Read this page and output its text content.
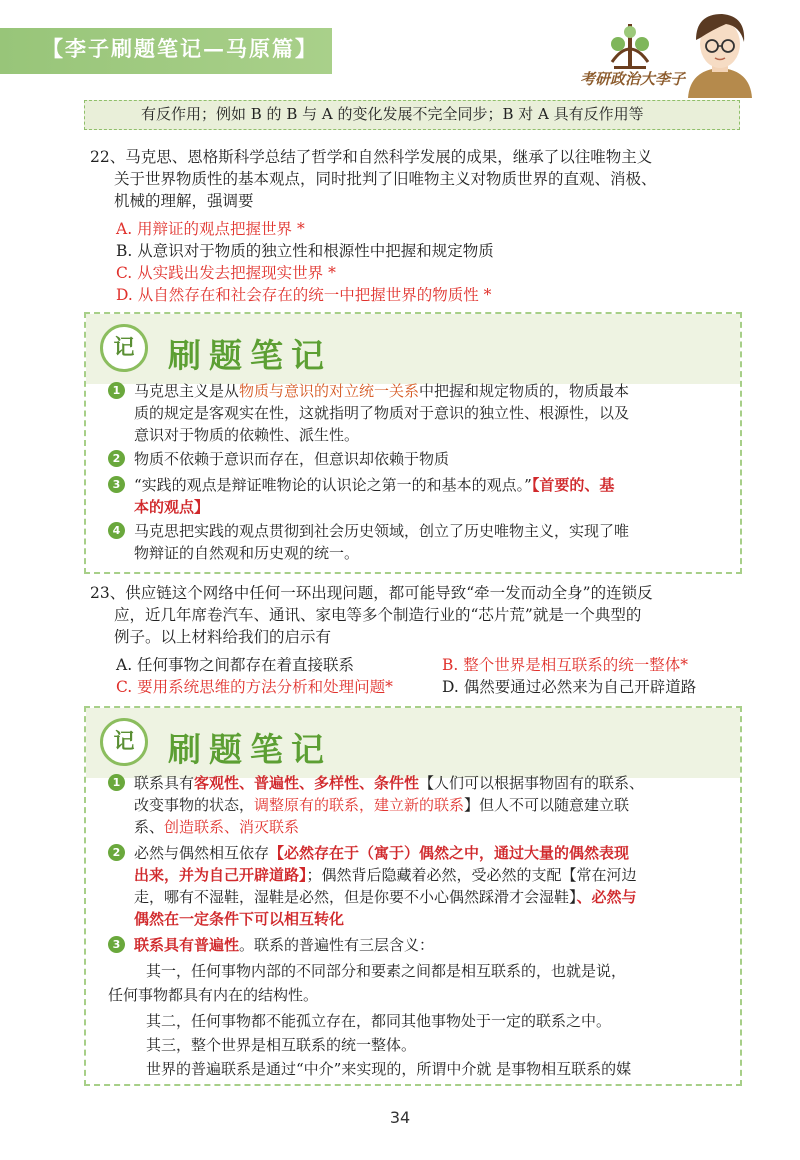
【李子刷题笔记—马原篇】
考研政治大李子
有反作用；例如 B 的 B 与 A 的变化发展不完全同步；B 对 A 具有反作用等
22、马克思、恩格斯科学总结了哲学和自然科学发展的成果，继承了以往唯物主义
关于世界物质性的基本观点，同时批判了旧唯物主义对物质世界的直观、消极、
机械的理解，强调要
A. 用辩证的观点把握世界 *
B. 从意识对于物质的独立性和根源性中把握和规定物质
C. 从实践出发去把握现实世界 *
D. 从自然存在和社会存在的统一中把握世界的物质性 *
记	刷题笔记
1 马克思主义是从物质与意识的对立统一关系中把握和规定物质的，物质最本
质的规定是客观实在性，这就指明了物质对于意识的独立性、根源性，以及
意识对于物质的依赖性、派生性。
2 物质不依赖于意识而存在，但意识却依赖于物质
3 “实践的观点是辩证唯物论的认识论之第一的和基本的观点。”【首要的、基
本的观点】
4 马克思把实践的观点贯彻到社会历史领域，创立了历史唯物主义，实现了唯
物辩证的自然观和历史观的统一。
23、供应链这个网络中任何一环出现问题，都可能导致“牵一发而动全身”的连锁反
应，近几年席卷汽车、通讯、家电等多个制造行业的“芯片荒”就是一个典型的
例子。以上材料给我们的启示有
A. 任何事物之间都存在着直接联系	B. 整个世界是相互联系的统一整体*
C. 要用系统思维的方法分析和处理问题*	D. 偶然要通过必然来为自己开辟道路
记	刷题笔记
1 联系具有客观性、普遍性、多样性、条件性【人们可以根据事物固有的联系、
改变事物的状态，调整原有的联系，建立新的联系】但人不可以随意建立联
系、创造联系、消灭联系
2 必然与偶然相互依存【必然存在于（寓于）偶然之中，通过大量的偶然表现
出来，并为自己开辟道路】；偶然背后隐藏着必然，受必然的支配【常在河边
走，哪有不湿鞋，湿鞋是必然，但是你要不小心偶然踩滑才会湿鞋】、必然与
偶然在一定条件下可以相互转化
3 联系具有普遍性。联系的普遍性有三层含义：
其一，任何事物内部的不同部分和要素之间都是相互联系的，也就是说，
任何事物都具有内在的结构性。
其二，任何事物都不能孤立存在，都同其他事物处于一定的联系之中。
其三，整个世界是相互联系的统一整体。
世界的普遍联系是通过“中介”来实现的，所谓中介就 是事物相互联系的媒
34
